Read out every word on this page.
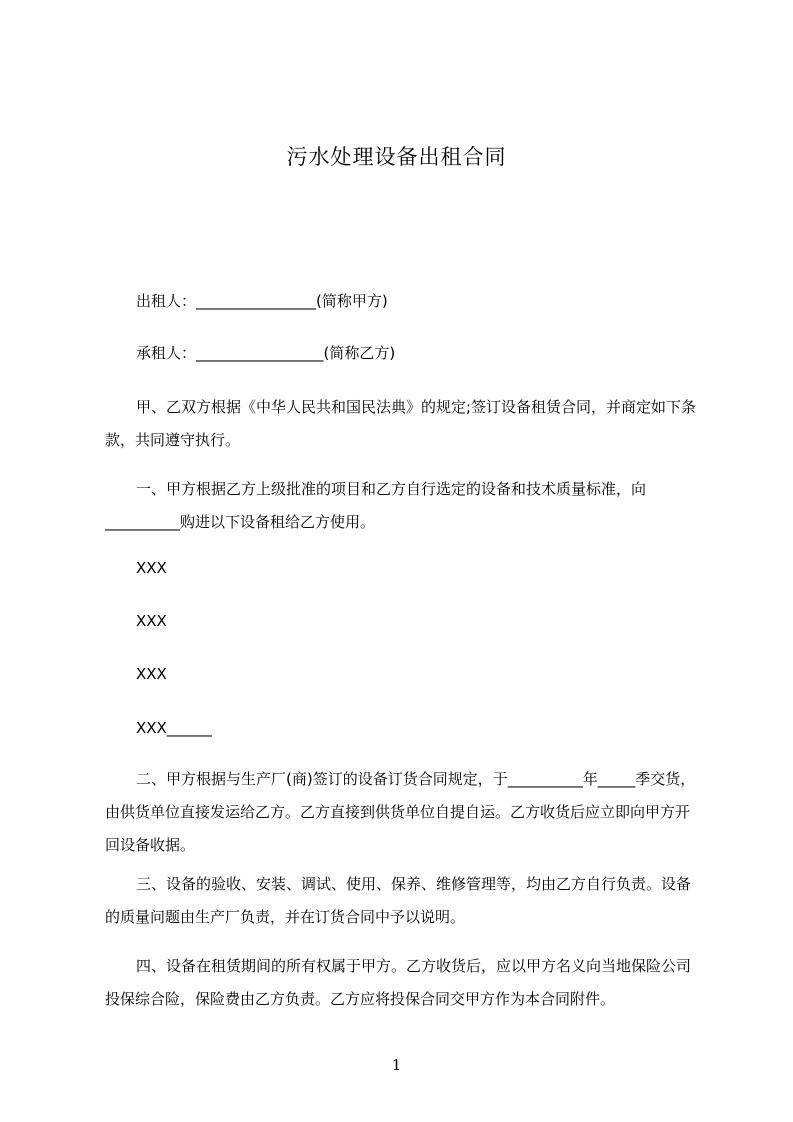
污水处理设备出租合同
出租人：________________(简称甲方)
承租人：_________________(简称乙方)
甲、乙双方根据《中华人民共和国民法典》的规定;签订设备租赁合同，并商定如下条款，共同遵守执行。
一、甲方根据乙方上级批准的项目和乙方自行选定的设备和技术质量标准，向__________购进以下设备租给乙方使用。
XXX
XXX
XXX
XXX______
二、甲方根据与生产厂(商)签订的设备订货合同规定，于__________年_____季交货，由供货单位直接发运给乙方。乙方直接到供货单位自提自运。乙方收货后应立即向甲方开回设备收据。
三、设备的验收、安装、调试、使用、保养、维修管理等，均由乙方自行负责。设备的质量问题由生产厂负责，并在订货合同中予以说明。
四、设备在租赁期间的所有权属于甲方。乙方收货后，应以甲方名义向当地保险公司投保综合险，保险费由乙方负责。乙方应将投保合同交甲方作为本合同附件。
1
